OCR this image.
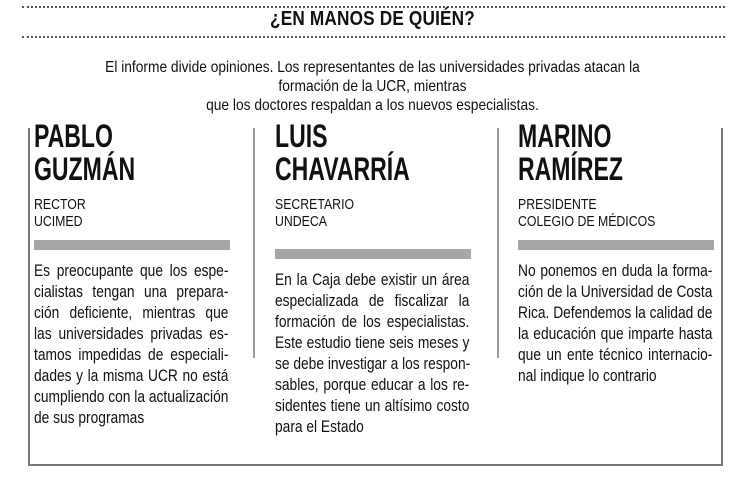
¿EN MANOS DE QUIÉN?
El informe divide opiniones. Los representantes de las universidades privadas atacan la formación de la UCR, mientras
que los doctores respaldan a los nuevos especialistas.
PABLO
GUZMÁN
RECTOR
UCIMED
Es preocupante que los espe-
cialistas tengan una prepara-
ción deficiente, mientras que
las universidades privadas es-
tamos impedidas de especiali-
dades y la misma UCR no está
cumpliendo con la actualización
de sus programas
LUIS
CHAVARRÍA
SECRETARIO
UNDECA
En la Caja debe existir un área
especializada de fiscalizar la
formación de los especialistas.
Este estudio tiene seis meses y
se debe investigar a los respon-
sables, porque educar a los re-
sidentes tiene un altísimo costo
para el Estado
MARINO
RAMÍREZ
PRESIDENTE
COLEGIO DE MÉDICOS
No ponemos en duda la forma-
ción de la Universidad de Costa
Rica. Defendemos la calidad de
la educación que imparte hasta
que un ente técnico internacio-
nal indique lo contrario
